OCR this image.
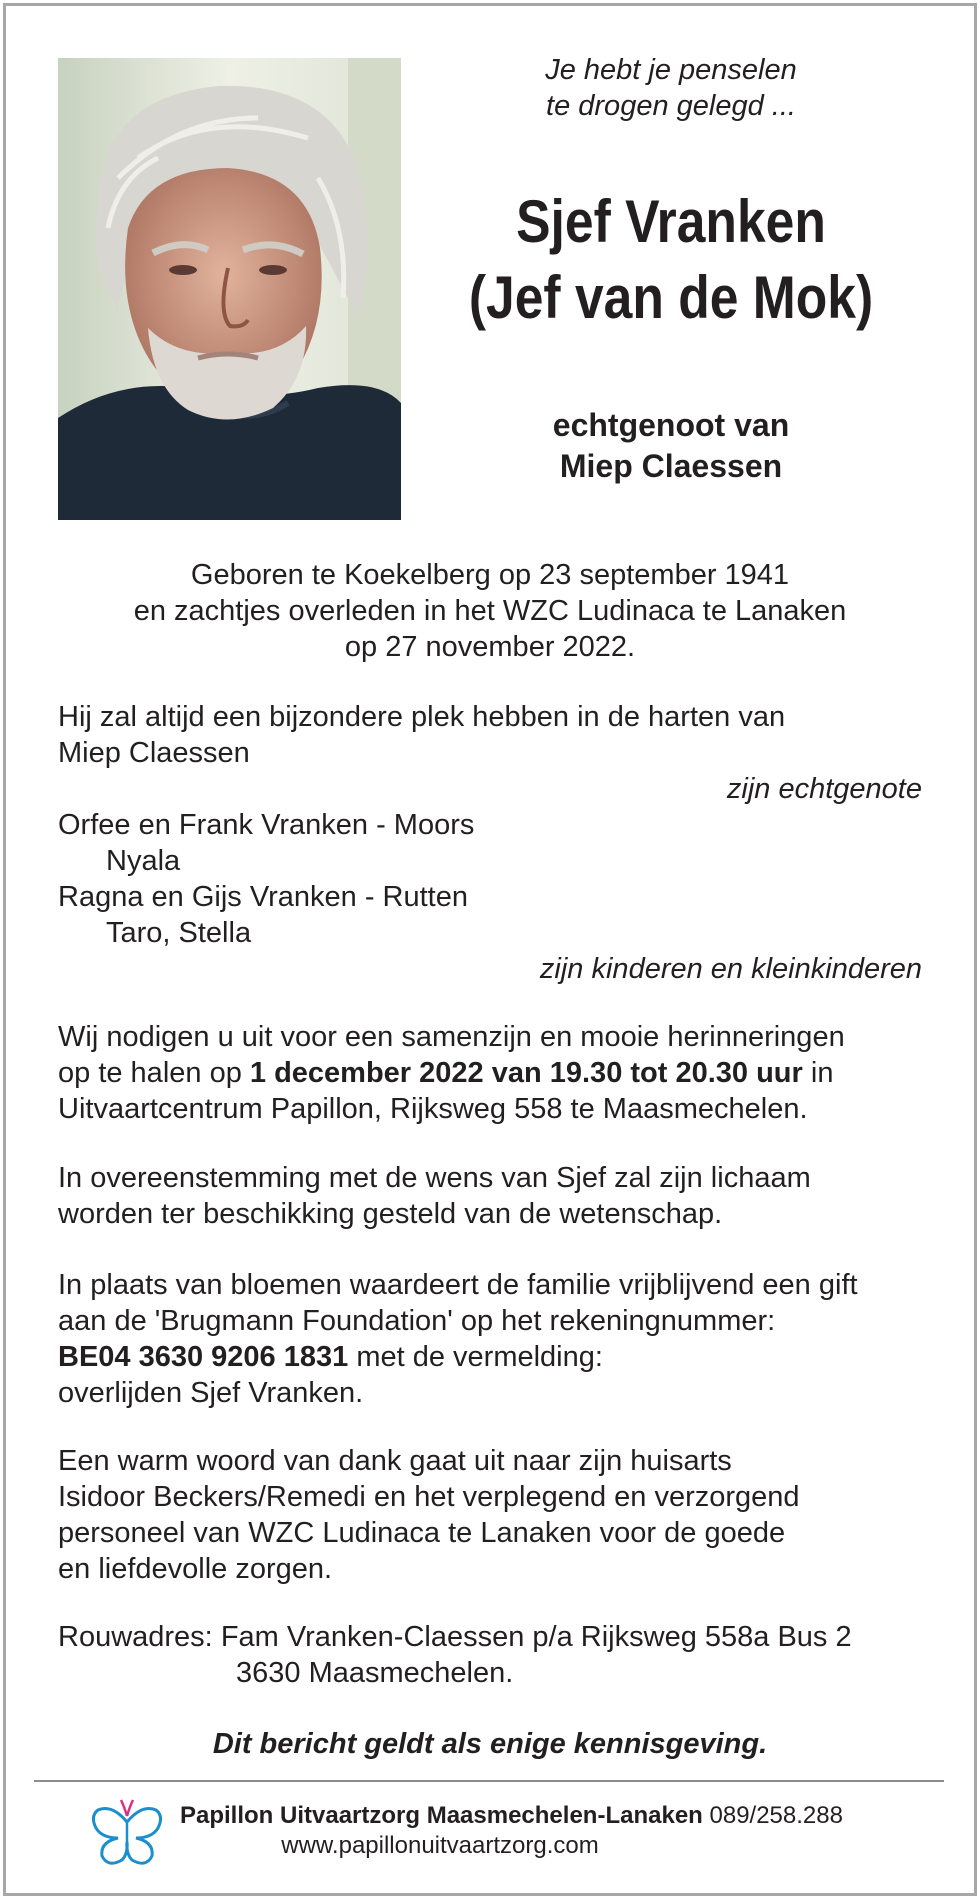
Je hebt je penselen
te drogen gelegd ...
Sjef Vranken
(Jef van de Mok)
echtgenoot van
Miep Claessen
Geboren te Koekelberg op 23 september 1941
en zachtjes overleden in het WZC Ludinaca te Lanaken
op 27 november 2022.
Hij zal altijd een bijzondere plek hebben in de harten van
Miep Claessen
zijn echtgenote
Orfee en Frank Vranken - Moors
Nyala
Ragna en Gijs Vranken - Rutten
Taro, Stella
zijn kinderen en kleinkinderen
Wij nodigen u uit voor een samenzijn en mooie herinneringen
op te halen op 1 december 2022 van 19.30 tot 20.30 uur in
Uitvaartcentrum Papillon, Rijksweg 558 te Maasmechelen.
In overeenstemming met de wens van Sjef zal zijn lichaam
worden ter beschikking gesteld van de wetenschap.
In plaats van bloemen waardeert de familie vrijblijvend een gift
aan de 'Brugmann Foundation' op het rekeningnummer:
BE04 3630 9206 1831 met de vermelding:
overlijden Sjef Vranken.
Een warm woord van dank gaat uit naar zijn huisarts
Isidoor Beckers/Remedi en het verplegend en verzorgend
personeel van WZC Ludinaca te Lanaken voor de goede
en liefdevolle zorgen.
Rouwadres: Fam Vranken-Claessen p/a Rijksweg 558a Bus 2
3630 Maasmechelen.
Dit bericht geldt als enige kennisgeving.
Papillon Uitvaartzorg Maasmechelen-Lanaken 089/258.288
www.papillonuitvaartzorg.com
